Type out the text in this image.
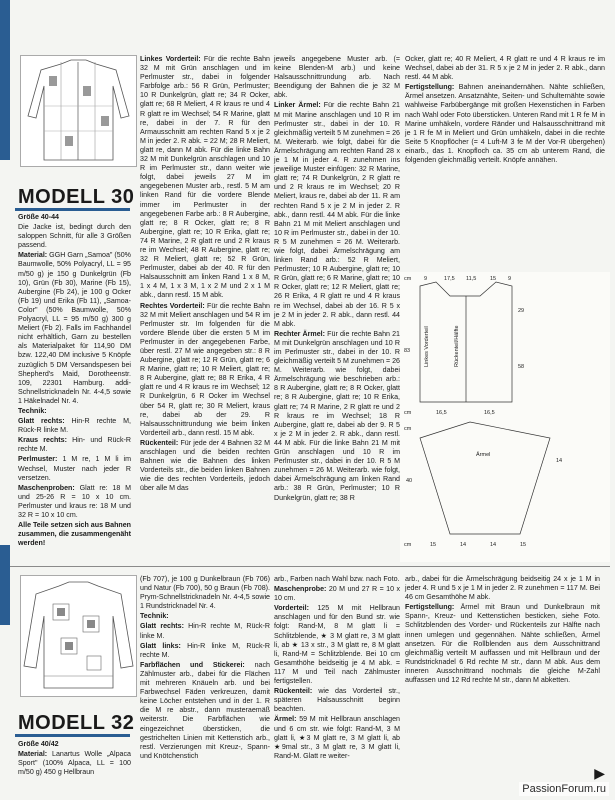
MODELL 30

Größe 40-44

Die Jacke ist, bedingt durch den saloppen Schnitt, für alle 3 Größen passend.

Material: GGH Garn „Samoa" (50% Baumwolle, 50% Polyacryl, LL = 95 m/50 g) je 150 g Dunkelgrün (Fb 10), Grün (Fb 30), Marine (Fb 15), Aubergine (Fb 24), je 100 g Ocker (Fb 19) und Erika (Fb 11), „Samoa-Color" (50% Baumwolle, 50% Polyacryl, LL = 95 m/50 g) 300 g Meliert (Fb 2). Falls im Fachhandel nicht erhältlich, Garn zu bestellen als Materialpaket für 114,90 DM bzw. 122,40 DM inclusive 5 Knöpfe zuzüglich 5 DM Versandspesen bei Shepherd's Maid, Dorotheenstr. 109, 22301 Hamburg. addi-Schnellstricknadeln Nr. 4-4,5 sowie 1 Häkelnadel Nr. 4.

Technik:

Glatt rechts: Hin-R rechte M, Rück-R linke M.

Kraus rechts: Hin- und Rück-R rechte M.

Perlmuster: 1 M re, 1 M li im Wechsel, Muster nach jeder R versetzen.

Maschenproben: Glatt re: 18 M und 25-26 R = 10 x 10 cm. Perlmuster und kraus re: 18 M und 32 R = 10 x 10 cm.

Alle Teile setzen sich aus Bahnen zusammen, die zusammengenäht werden!

Linkes Vorderteil: Für die rechte Bahn 32 M mit Grün anschlagen und im Perlmuster str., dabei in folgender Farbfolge arb.: 56 R Grün, Perlmuster; 10 R Dunkelgrün, glatt re; 34 R Ocker, glatt re; 68 R Meliert, 4 R kraus re und 4 R glatt re im Wechsel; 54 R Marine, glatt re, dabei in der 7. R für den Armausschnitt am rechten Rand 5 x je 2 M in jeder 2. R abk. = 22 M; 28 R Meliert, glatt re, dann M abk. Für die linke Bahn 32 M mit Dunkelgrün anschlagen und 10 R im Perlmuster str., dann weiter wie folgt, dabei jeweils 27 M im angegebenen Muster arb., restl. 5 M am linken Rand für die vordere Blende immer im Perlmuster in der angegebenen Farbe arb.: 8 R Aubergine, glatt re; 8 R Ocker, glatt re; 8 R Aubergine, glatt re; 10 R Erika, glatt re; 74 R Marine, 2 R glatt re und 2 R kraus re im Wechsel; 48 R Aubergine, glatt re; 32 R Meliert, glatt re; 52 R Grün, Perlmuster, dabei ab der 40. R für den Halsausschnitt am linken Rand 1 x 8 M, 1 x 4 M, 1 x 3 M, 1 x 2 M und 2 x 1 M abk., dann restl. 15 M abk.

Rechtes Vorderteil: Für die rechte Bahn 32 M mit Meliert anschlagen und 54 R im Perlmuster str. Im folgenden für die vordere Blende über die ersten 5 M im Perlmuster in der angegebenen Farbe, über restl. 27 M wie angegeben str.: 8 R Aubergine, glatt re; 12 R Grün, glatt re; 6 R Marine, glatt re; 10 R Meliert, glatt re; 8 R Aubergine, glatt re; 88 R Erika, 4 R glatt re und 4 R kraus re im Wechsel; 12 R Dunkelgrün, 6 R Ocker im Wechsel über 54 R, glatt re; 30 R Meliert, kraus re, dabei ab der 29. R Halsausschnittrundung wie beim linken Vorderteil arb., dann restl. 15 M abk.

Rückenteil: Für jede der 4 Bahnen 32 M anschlagen und die beiden rechten Bahnen wie die Bahnen des linken Vorderteils str., die beiden linken Bahnen wie die des rechten Vorderteils, jedoch über alle M das

jeweils angegebene Muster arb. (= keine Blenden-M arb.) und keine Halsausschnittrundung arb. Nach Beendigung der Bahnen die je 32 M abk.

Linker Ärmel: Für die rechte Bahn 21 M mit Marine anschlagen und 10 R im Perlmuster str., dabei in der 10. R gleichmäßig verteilt 5 M zunehmen = 26 M. Weiterarb. wie folgt, dabei für die Ärmelschrägung am rechten Rand 28 x je 1 M in jeder 4. R zunehmen ins jeweilige Muster einfügen: 32 R Marine, glatt re; 74 R Dunkelgrün, 2 R glatt re und 2 R kraus re im Wechsel; 20 R Meliert, kraus re, dabei ab der 11. R am rechten Rand 5 x je 2 M in jeder 2. R abk., dann restl. 44 M abk. Für die linke Bahn 21 M mit Meliert anschlagen und 10 R im Perlmuster str., dabei in der 10. R 5 M zunehmen = 26 M. Weiterarb. wie folgt, dabei Ärmelschrägung am linken Rand arb.: 52 R Meliert, Perlmuster; 10 R Aubergine, glatt re; 10 R Grün, glatt re; 6 R Marine, glatt re; 10 R Ocker, glatt re; 12 R Meliert, glatt re; 26 R Erika, 4 R glatt re und 4 R kraus re im Wechsel, dabei ab der 16. R 5 x je 2 M in jeder 2. R abk., dann restl. 44 M abk.

Rechter Ärmel: Für die rechte Bahn 21 M mit Dunkelgrün anschlagen und 10 R im Perlmuster str., dabei in der 10. R gleichmäßig verteilt 5 M zunehmen = 26 M. Weiterarb. wie folgt, dabei Ärmelschrägung wie beschrieben arb.: 8 R Aubergine, glatt re; 8 R Ocker, glatt re; 8 R Aubergine, glatt re; 10 R Erika, glatt re; 74 R Marine, 2 R glatt re und 2 R kraus re im Wechsel; 18 R Aubergine, glatt re, dabei ab der 9. R 5 x je 2 M in jeder 2. R abk., dann restl. 44 M abk. Für die linke Bahn 21 M mit Grün anschlagen und 10 R im Perlmuster str., dabei in der 10. R 5 M zunehmen = 26 M. Weiterarb. wie folgt, dabei Ärmelschrägung am linken Rand arb.: 38 R Grün, Perlmuster; 10 R Dunkelgrün, glatt re; 38 R

Ocker, glatt re; 40 R Meliert, 4 R glatt re und 4 R kraus re im Wechsel, dabei ab der 31. R 5 x je 2 M in jeder 2. R abk., dann restl. 44 M abk.

Fertigstellung: Bahnen aneinandernähen. Nähte schließen, Ärmel ansetzen. Ansatznähte, Seiten- und Schulternähte sowie wahlweise Farbübergänge mit großen Hexenstichen in Farben nach Wahl oder Foto übersticken. Unteren Rand mit 1 R fe M in Marine umhäkeln, vordere Ränder und Halsausschnittrand mit je 1 R fe M in Meliert und Grün umhäkeln, dabei in die rechte Seite 5 Knopflöcher (= 4 Luft-M 3 fe M der Vor-R übergehen) einarb., das 1. Knopfloch ca. 35 cm ab unterem Rand, die folgenden gleichmäßig verteilt. Knöpfe annähen.

cm 9	17,5 11,5 15 9
Linkes Vorderteil	Rückenteil/Hälfte
83
29
58
cm	16,5	16,5
cm
Ärmel
40
14
cm	15	14	14	15
MODELL 32

Größe 40/42

Material: Lanartus Wolle „Alpaca Sport" (100% Alpaca, LL = 100 m/50 g) 450 g Hellbraun

(Fb 707), je 100 g Dunkelbraun (Fb 706) und Natur (Fb 700), 50 g Braun (Fb 708). Prym-Schnellstricknadeln Nr. 4-4,5 sowie 1 Rundstricknadel Nr. 4.

Technik:

Glatt rechts: Hin-R rechte M, Rück-R linke M.

Glatt links: Hin-R linke M, Rück-R rechte M.

Farbflächen und Stickerei: nach Zählmuster arb., dabei für die Flächen mit mehreren Knäueln arb. und bei Farbwechsel Fäden verkreuzen, damit keine Löcher entstehen und in der 1. R die M re abstr., dann musteraemäß weiterstr. Die Farbflächen wie eingezeichnet übersticken, die gestrichelten Linien mit Kettenstich arb., restl. Verzierungen mit Kreuz-, Spann- und Knötchenstich

arb., Farben nach Wahl bzw. nach Foto.

Maschenprobe: 20 M und 27 R = 10 x 10 cm.

Vorderteil: 125 M mit Hellbraun anschlagen und für den Bund str. wie folgt: Rand-M, 8 M glatt li = Schlitzblende, ★ 3 M glatt re, 3 M glatt li, ab ★ 13 x str., 3 M glatt re, 8 M glatt li, Rand-M = Schlitzblende. Bei 10 cm Gesamthöhe beidseitig je 4 M abk. = 117 M und Teil nach Zählmuster fertigstellen.

Rückenteil: wie das Vorderteil str., späteren Halsausschnitt beginn beachten.

Ärmel: 59 M mit Hellbraun anschlagen und 6 cm str. wie folgt: Rand-M, 3 M glatt li, ★3 M glatt re, 3 M glatt li, ab ★9mal str., 3 M glatt re, 3 M glatt li, Rand-M. Glatt re weiter-

arb., dabei für die Ärmelschrägung beidseitig 24 x je 1 M in jeder 4. R und 5 x je 1 M in jeder 2. R zunehmen = 117 M. Bei 46 cm Gesamthöhe M abk.

Fertigstellung: Ärmel mit Braun und Dunkelbraun mit Spann-, Kreuz- und Kettenstichen besticken, siehe Foto. Schlitzblenden des Vorder- und Rückenteils zur Hälfte nach innen umlegen und gegennähen. Nähte schließen, Ärmel ansetzen. Für die Rollblenden aus dem Ausschnittrand gleichmäßig verteilt M auffassen und mit Hellbraun und der Rundstricknadel 6 Rd rechte M str., dann M abk. Aus dem inneren Ausschnittrand nochmals die gleiche M-Zahl auffassen und 12 Rd rechte M str., dann M abketten.

▶
PassionForum.ru
